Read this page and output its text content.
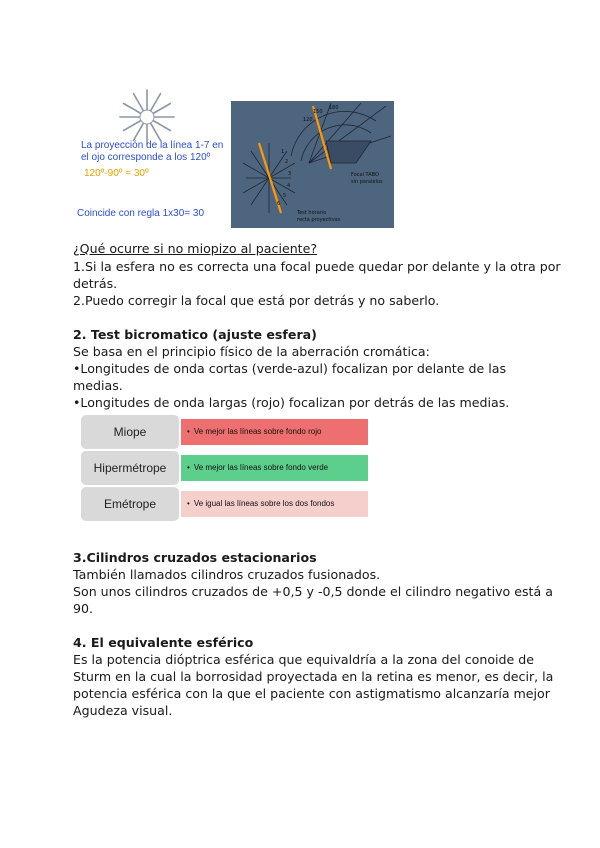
La proyección de la línea 1-7 en
el ojo corresponde a los 120º
120º-90º = 30º
Coincide con regla 1x30= 30
120
150
180
1
2
3
4
5
6
Focal TABO
sin paralelos
Test horario
recta proyectivas
¿Qué ocurre si no miopizo al paciente?
1.Si la esfera no es correcta una focal puede quedar por delante y la otra por
detrás.
2.Puedo corregir la focal que está por detrás y no saberlo.
2. Test bicromatico (ajuste esfera)
Se basa en el principio físico de la aberración cromática:
•Longitudes de onda cortas (verde-azul) focalizan por delante de las
medias.
•Longitudes de onda largas (rojo) focalizan por detrás de las medias.
Miope	• Ve mejor las líneas sobre fondo rojo
Hipermétrope	• Ve mejor las líneas sobre fondo verde
Emétrope	• Ve igual las líneas sobre los dos fondos
3.Cilindros cruzados estacionarios
También llamados cilindros cruzados fusionados.
Son unos cilindros cruzados de +0,5 y -0,5 donde el cilindro negativo está a
90.
4. El equivalente esférico
Es la potencia dióptrica esférica que equivaldría a la zona del conoide de
Sturm en la cual la borrosidad proyectada en la retina es menor, es decir, la
potencia esférica con la que el paciente con astigmatismo alcanzaría mejor
Agudeza visual.
